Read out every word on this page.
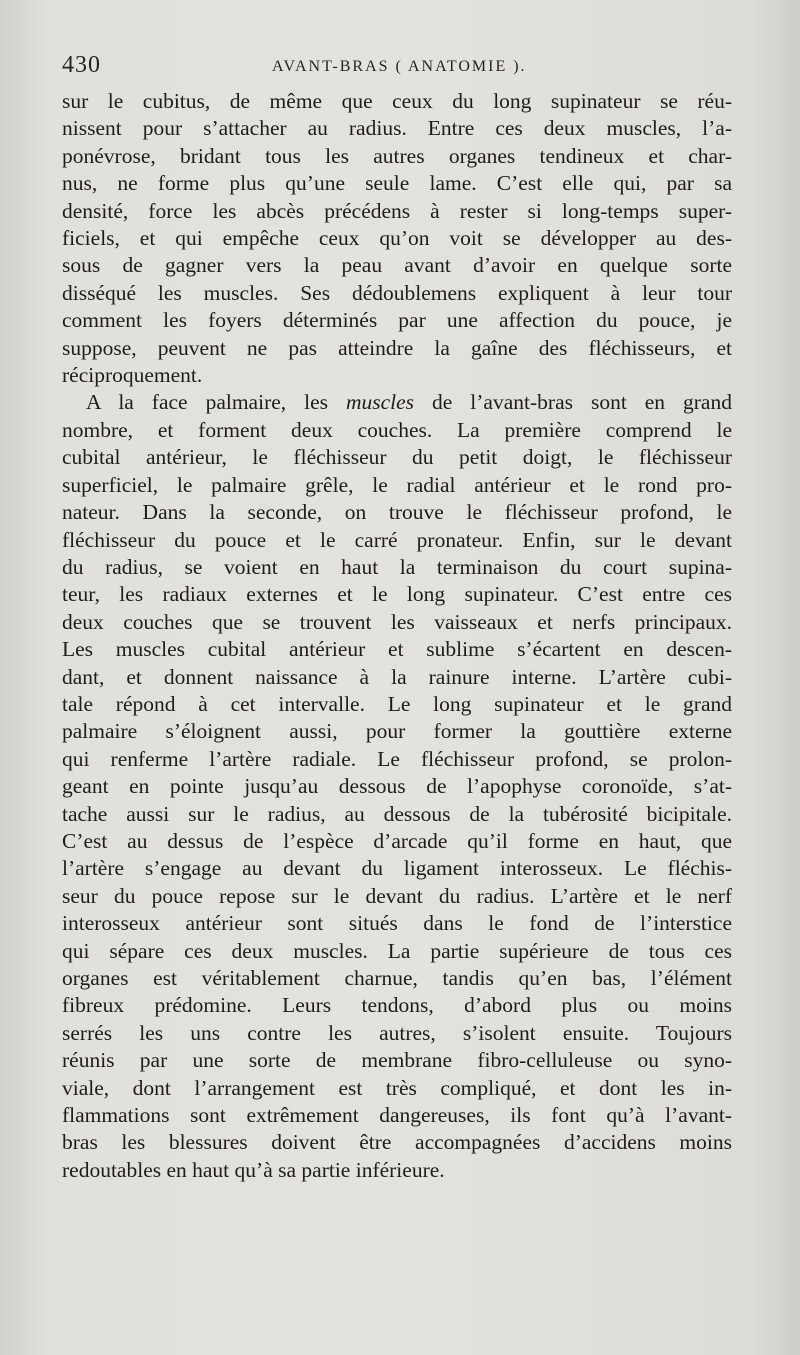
430	AVANT-BRAS ( ANATOMIE ).
sur le cubitus, de même que ceux du long supinateur se réu-
nissent pour s’attacher au radius. Entre ces deux muscles, l’a-
ponévrose, bridant tous les autres organes tendineux et char-
nus, ne forme plus qu’une seule lame. C’est elle qui, par sa
densité, force les abcès précédens à rester si long-temps super-
ficiels, et qui empêche ceux qu’on voit se développer au des-
sous de gagner vers la peau avant d’avoir en quelque sorte
disséqué les muscles. Ses dédoublemens expliquent à leur tour
comment les foyers déterminés par une affection du pouce, je
suppose, peuvent ne pas atteindre la gaîne des fléchisseurs, et
réciproquement.
A la face palmaire, les muscles de l’avant-bras sont en grand
nombre, et forment deux couches. La première comprend le
cubital antérieur, le fléchisseur du petit doigt, le fléchisseur
superficiel, le palmaire grêle, le radial antérieur et le rond pro-
nateur. Dans la seconde, on trouve le fléchisseur profond, le
fléchisseur du pouce et le carré pronateur. Enfin, sur le devant
du radius, se voient en haut la terminaison du court supina-
teur, les radiaux externes et le long supinateur. C’est entre ces
deux couches que se trouvent les vaisseaux et nerfs principaux.
Les muscles cubital antérieur et sublime s’écartent en descen-
dant, et donnent naissance à la rainure interne. L’artère cubi-
tale répond à cet intervalle. Le long supinateur et le grand
palmaire s’éloignent aussi, pour former la gouttière externe
qui renferme l’artère radiale. Le fléchisseur profond, se prolon-
geant en pointe jusqu’au dessous de l’apophyse coronoïde, s’at-
tache aussi sur le radius, au dessous de la tubérosité bicipitale.
C’est au dessus de l’espèce d’arcade qu’il forme en haut, que
l’artère s’engage au devant du ligament interosseux. Le fléchis-
seur du pouce repose sur le devant du radius. L’artère et le nerf
interosseux antérieur sont situés dans le fond de l’interstice
qui sépare ces deux muscles. La partie supérieure de tous ces
organes est véritablement charnue, tandis qu’en bas, l’élément
fibreux prédomine. Leurs tendons, d’abord plus ou moins
serrés les uns contre les autres, s’isolent ensuite. Toujours
réunis par une sorte de membrane fibro-celluleuse ou syno-
viale, dont l’arrangement est très compliqué, et dont les in-
flammations sont extrêmement dangereuses, ils font qu’à l’avant-
bras les blessures doivent être accompagnées d’accidens moins
redoutables en haut qu’à sa partie inférieure.
